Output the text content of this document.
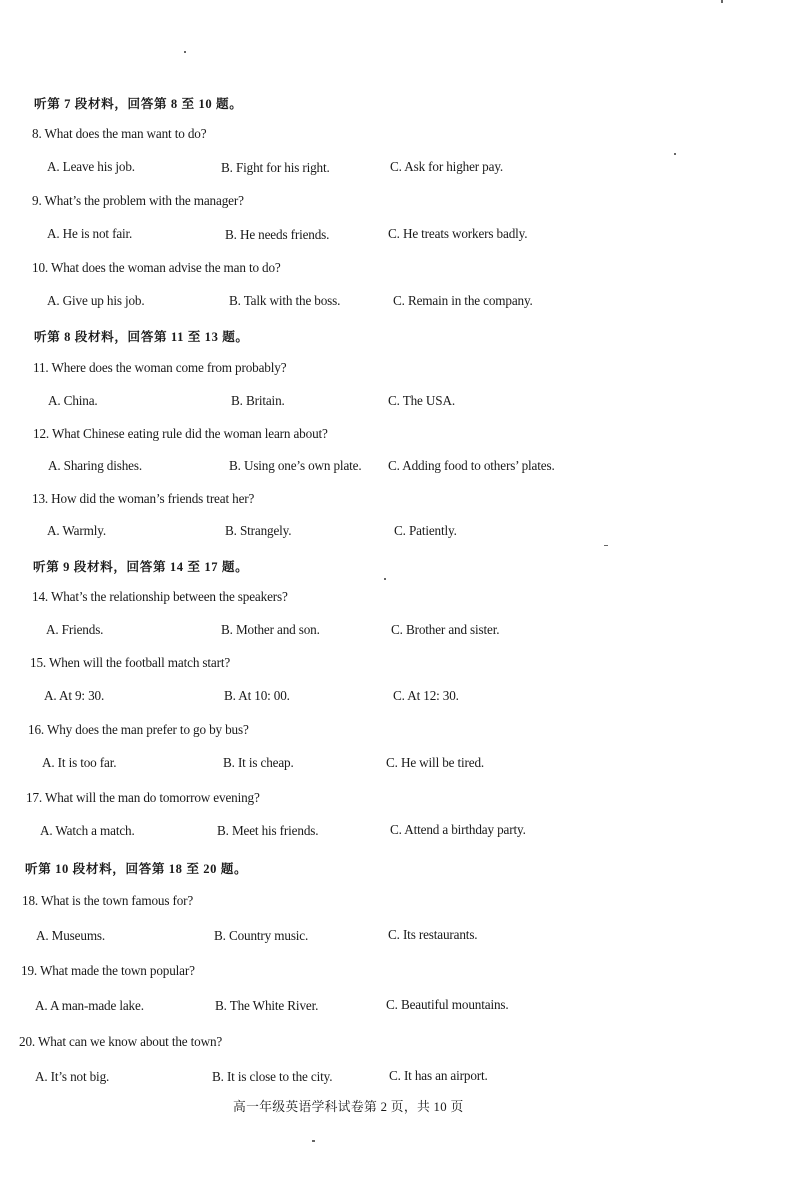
听第 7 段材料，回答第 8 至 10 题。
8. What does the man want to do?
A. Leave his job.	B. Fight for his right.	C. Ask for higher pay.
9. What’s the problem with the manager?
A. He is not fair.	B. He needs friends.	C. He treats workers badly.
10. What does the woman advise the man to do?
A. Give up his job.	B. Talk with the boss.	C. Remain in the company.
听第 8 段材料，回答第 11 至 13 题。
11. Where does the woman come from probably?
A. China.	B. Britain.	C. The USA.
12. What Chinese eating rule did the woman learn about?
A. Sharing dishes.	B. Using one’s own plate. C. Adding food to others’ plates.
13. How did the woman’s friends treat her?
A. Warmly.	B. Strangely.	C. Patiently.
听第 9 段材料，回答第 14 至 17 题。
14. What’s the relationship between the speakers?
A. Friends.	B. Mother and son.	C. Brother and sister.
15. When will the football match start?
A. At 9: 30.	B. At 10: 00.	C. At 12: 30.
16. Why does the man prefer to go by bus?
A. It is too far.	B. It is cheap.	C. He will be tired.
17. What will the man do tomorrow evening?
A. Watch a match.	B. Meet his friends.	C. Attend a birthday party.
听第 10 段材料，回答第 18 至 20 题。
18. What is the town famous for?
A. Museums.	B. Country music.	C. Its restaurants.
19. What made the town popular?
A. A man-made lake.	B. The White River.	C. Beautiful mountains.
20. What can we know about the town?
A. It’s not big.	B. It is close to the city.	C. It has an airport.
高一年级英语学科试卷第 2 页，共 10 页
